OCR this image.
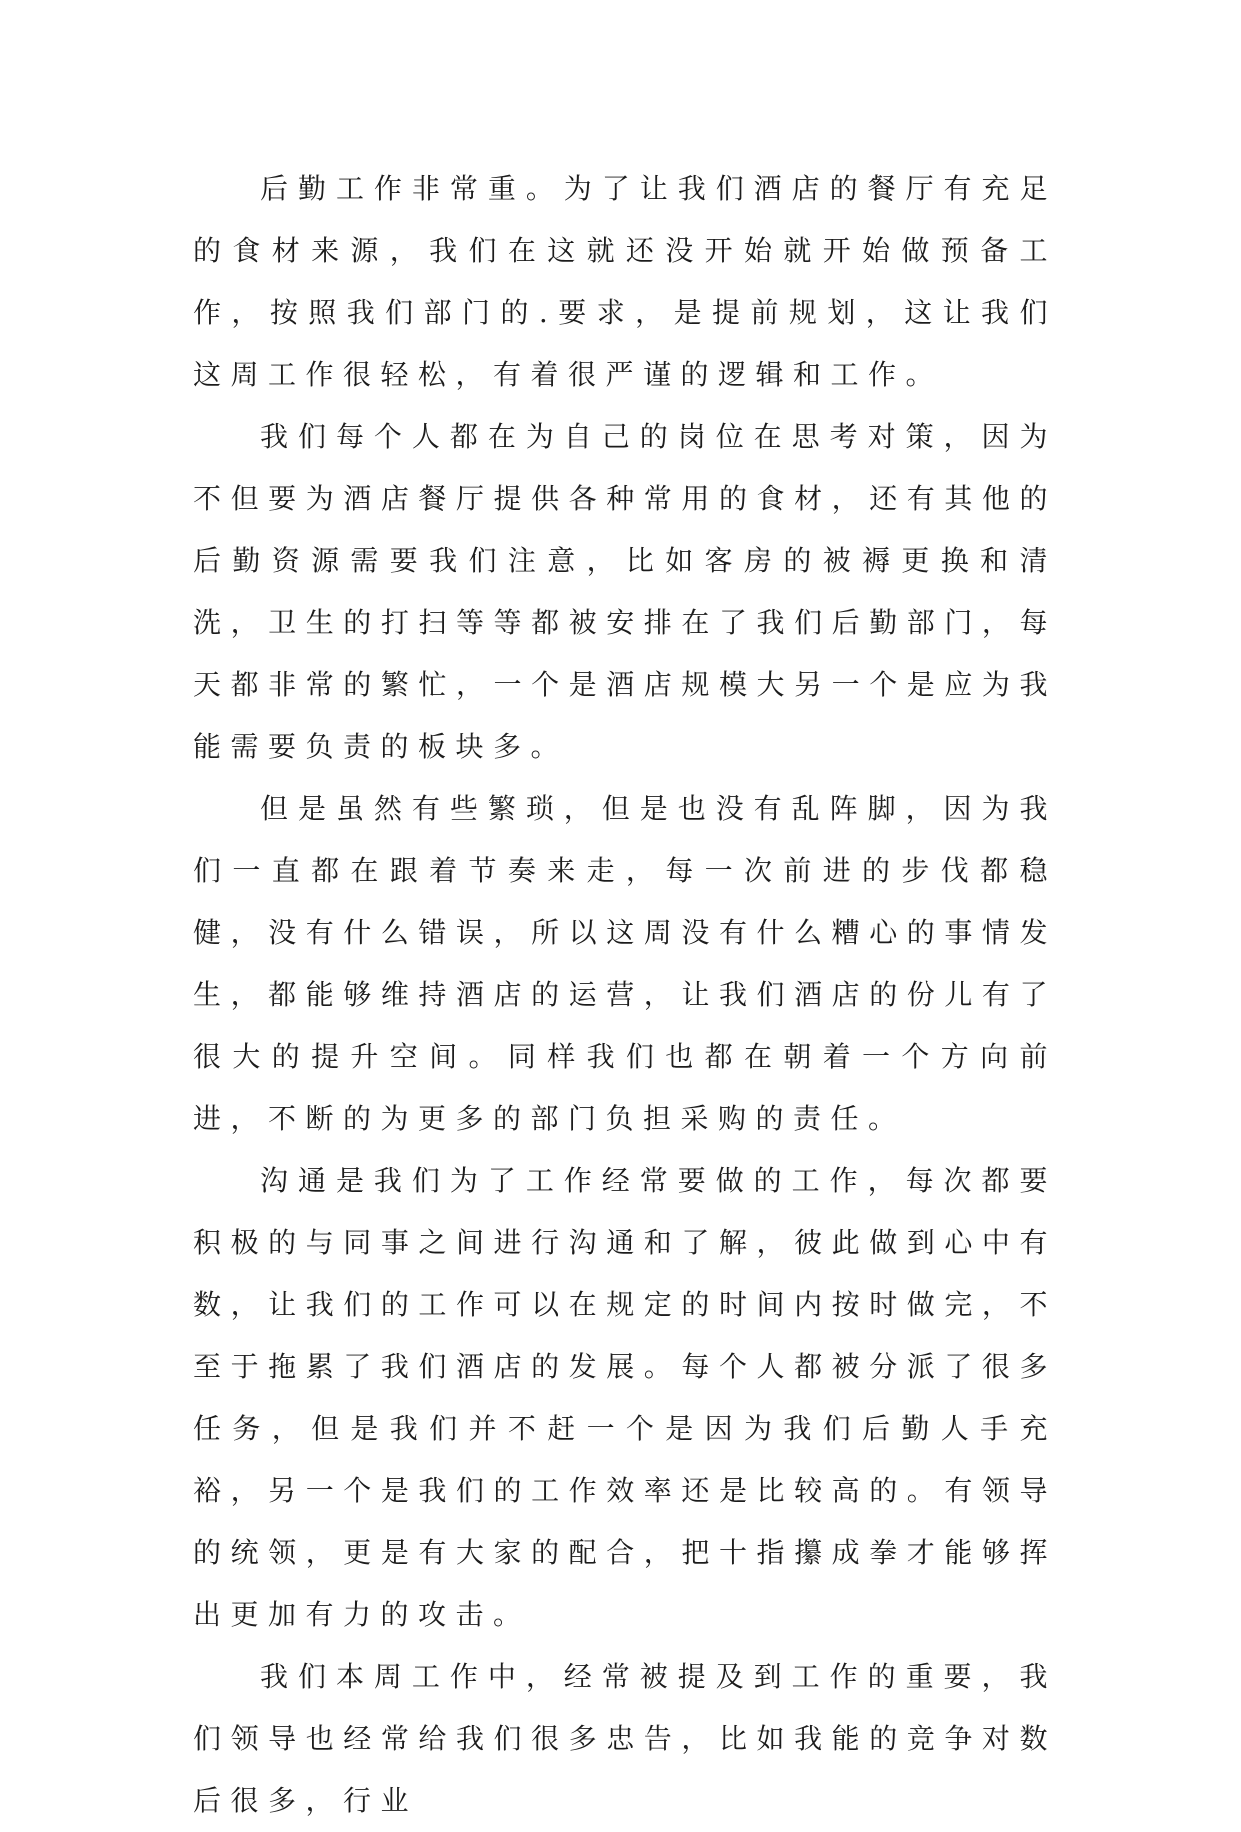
后勤工作非常重。为了让我们酒店的餐厅有充足的食材来源，我们在这就还没开始就开始做预备工作，按照我们部门的.要求，是提前规划，这让我们这周工作很轻松，有着很严谨的逻辑和工作。

我们每个人都在为自己的岗位在思考对策，因为不但要为酒店餐厅提供各种常用的食材，还有其他的后勤资源需要我们注意，比如客房的被褥更换和清洗，卫生的打扫等等都被安排在了我们后勤部门，每天都非常的繁忙，一个是酒店规模大另一个是应为我能需要负责的板块多。

但是虽然有些繁琐，但是也没有乱阵脚，因为我们一直都在跟着节奏来走，每一次前进的步伐都稳健，没有什么错误，所以这周没有什么糟心的事情发生，都能够维持酒店的运营，让我们酒店的份儿有了很大的提升空间。同样我们也都在朝着一个方向前进，不断的为更多的部门负担采购的责任。

沟通是我们为了工作经常要做的工作，每次都要积极的与同事之间进行沟通和了解，彼此做到心中有数，让我们的工作可以在规定的时间内按时做完，不至于拖累了我们酒店的发展。每个人都被分派了很多任务，但是我们并不赶一个是因为我们后勤人手充裕，另一个是我们的工作效率还是比较高的。有领导的统领，更是有大家的配合，把十指攥成拳才能够挥出更加有力的攻击。

我们本周工作中，经常被提及到工作的重要，我们领导也经常给我们很多忠告，比如我能的竞争对数后很多，行业
